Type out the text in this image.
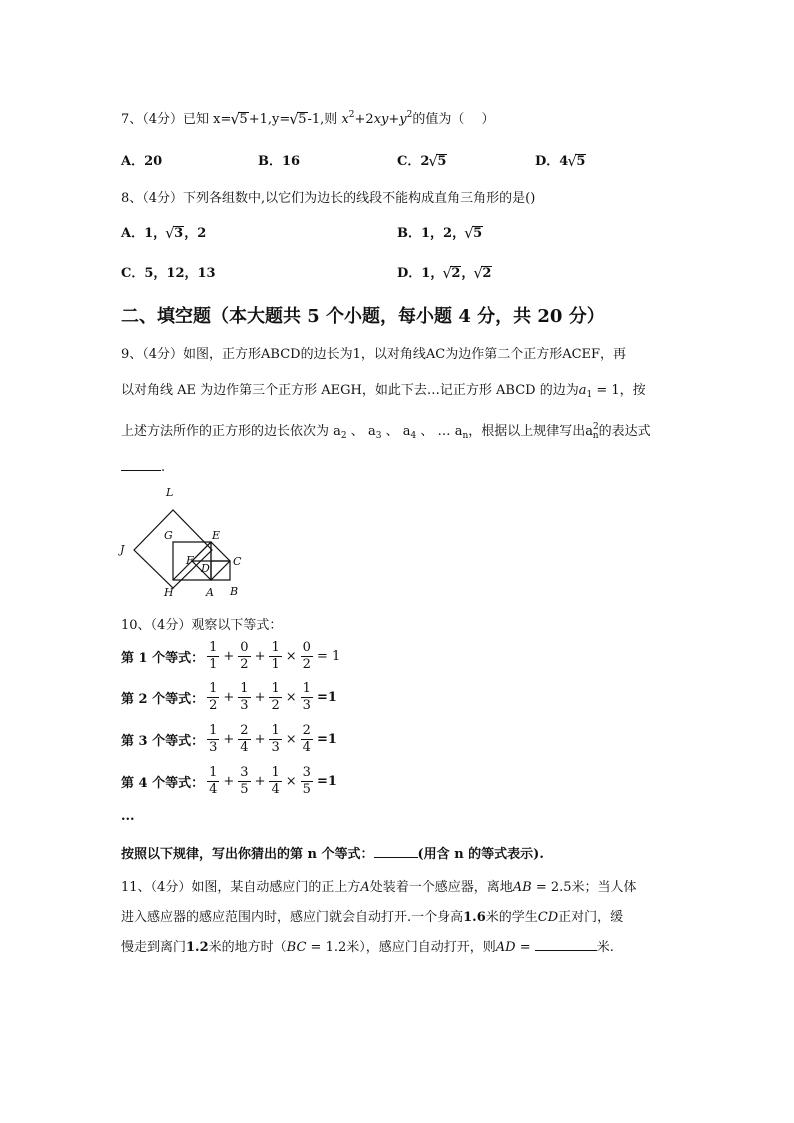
7、（4分）已知 x= √ 5+1,y= √ 5-1,则 $x^2+2xy+y^2$的值为（　 ）
A．20	B．16	C．2 √ 5	D．4 √ 5
8、（4分）下列各组数中,以它们为边长的线段不能构成直角三角形的是()
A．1， √ 3，2	B．1，2， √ 5
C．5，12，13	D．1， √ 2， √ 2
二、填空题（本大题共 5 个小题，每小题 4 分，共 20 分）
9、（4分）如图，正方形ABCD的边长为1，以对角线AC为边作第二个正方形ACEF，再
以对角线 AE 为边作第三个正方形 AEGH，如此下去…记正方形 ABCD 的边为$a_1 = 1$，按
上述方法所作的正方形的边长依次为 $a_2$ 、 $a_3$ 、 $a_4$ 、 … $a_n$，根据以上规律写出$a^2_n$的表达式
.
L
G	E
J
F
D
C
H	A B
10、（4分）观察以下等式：
第 1 个等式： $\frac{1}{1} + \frac{0}{2} + \frac{1}{1} \times \frac{0}{2} = 1$
第 2 个等式： $\frac{1}{2} + \frac{1}{3} + \frac{1}{2} \times \frac{1}{3} =1$
第 3 个等式： $\frac{1}{3} + \frac{2}{4} + \frac{1}{3} \times \frac{2}{4} =1$
第 4 个等式： $\frac{1}{4} + \frac{3}{5} + \frac{1}{4} \times \frac{3}{5} =1$
...
按照以下规律，写出你猜出的第 n 个等式：	(用含 n 的等式表示).
11、（4分）如图，某自动感应门的正上方A处装着一个感应器，离地AB = 2.5米；当人体
进入感应器的感应范围内时，感应门就会自动打开.一个身高1.6米的学生CD正对门，缓
慢走到离门1.2米的地方时（BC = 1.2米），感应门自动打开，则AD =	米.
